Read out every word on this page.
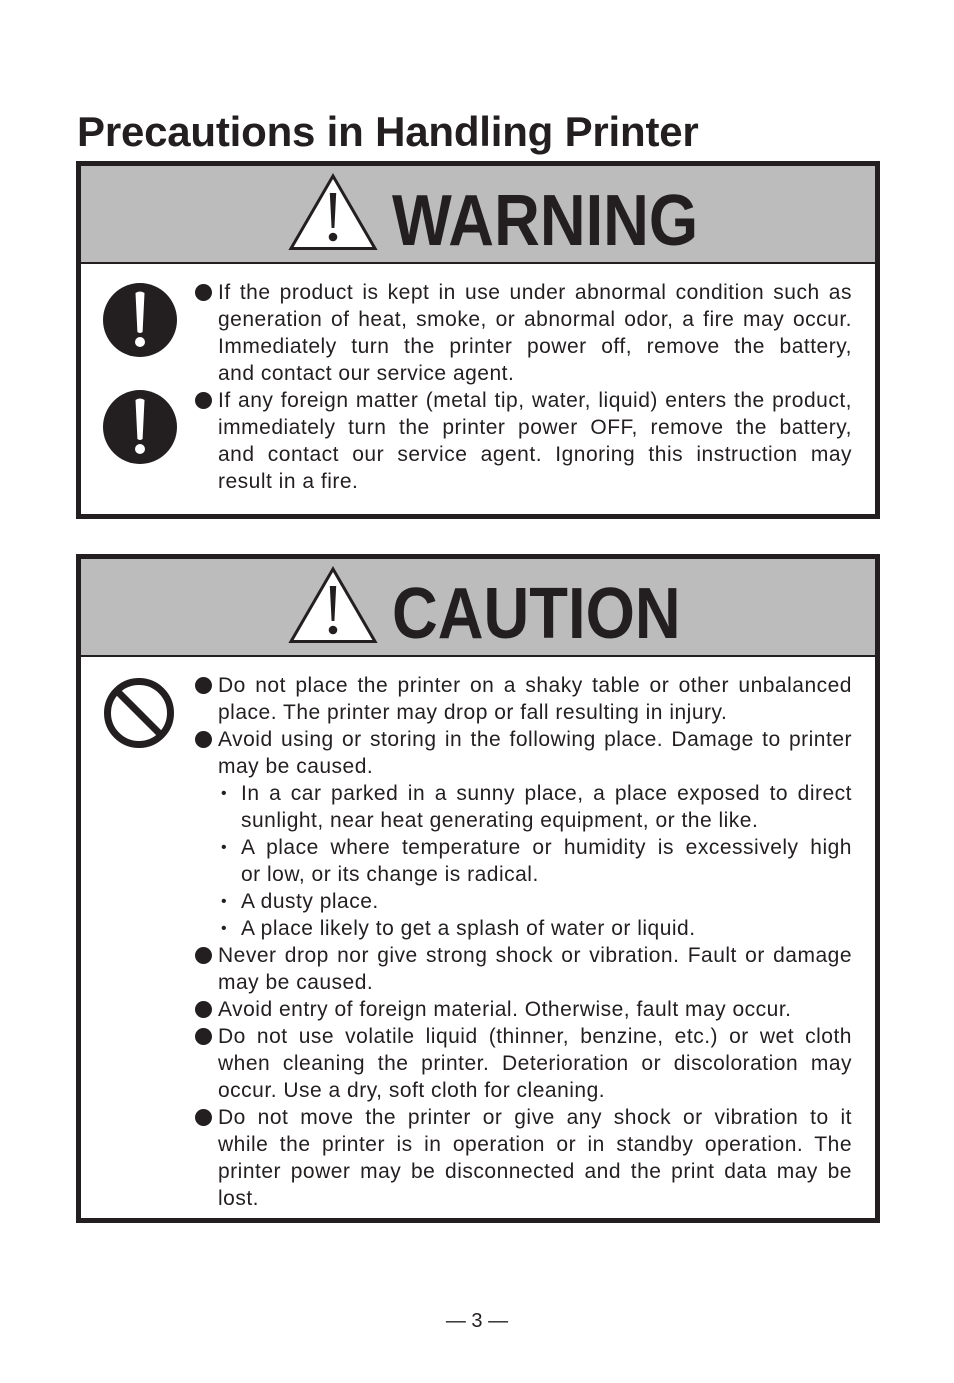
Precautions in Handling Printer
WARNING
If the product is kept in use under abnormal condition such as
generation of heat, smoke, or abnormal odor, a fire may occur.
Immediately turn the printer power off, remove the battery,
and contact our service agent.
If any foreign matter (metal tip, water, liquid) enters the product,
immediately turn the printer power OFF, remove the battery,
and contact our service agent. Ignoring this instruction may
result in a fire.
CAUTION
Do not place the printer on a shaky table or other unbalanced
place. The printer may drop or fall resulting in injury.
Avoid using or storing in the following place. Damage to printer
may be caused.
• In a car parked in a sunny place, a place exposed to direct
sunlight, near heat generating equipment, or the like.
• A place where temperature or humidity is excessively high
or low, or its change is radical.
• A dusty place.
• A place likely to get a splash of water or liquid.
Never drop nor give strong shock or vibration. Fault or damage
may be caused.
Avoid entry of foreign material. Otherwise, fault may occur.
Do not use volatile liquid (thinner, benzine, etc.) or wet cloth
when cleaning the printer. Deterioration or discoloration may
occur. Use a dry, soft cloth for cleaning.
Do not move the printer or give any shock or vibration to it
while the printer is in operation or in standby operation. The
printer power may be disconnected and the print data may be
lost.
— 3 —
